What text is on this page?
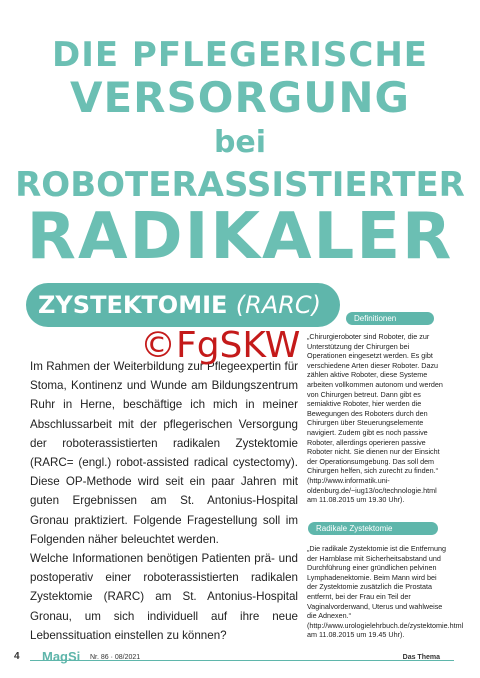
DIE PFLEGERISCHE
VERSORGUNG
bei
ROBOTERASSISTIERTER
RADIKALER
ZYSTEKTOMIE (RARC)	Definitionen

„Chirurgieroboter sind Roboter, die zur Unterstützung der Chirurgen bei Operationen eingesetzt werden. Es gibt verschiedene Arten dieser Roboter. Dazu zählen aktive Roboter, diese Systeme arbeiten vollkommen autonom und werden von Chirurgen betreut. Dann gibt es semiaktive Roboter, hier werden die Bewegungen des Roboters durch den Chirurgen über Steuerungselemente navigiert. Zudem gibt es noch passive Roboter, allerdings operieren passive Roboter nicht. Sie dienen nur der Einsicht der Operationsumgebung. Das soll dem Chirurgen helfen, sich zurecht zu finden.“ (http://www.informatik.uni-oldenburg.de/~iug13/oc/technologie.html am 11.08.2015 um 19.30 Uhr).

Radikale Zystektomie

„Die radikale Zystektomie ist die Entfernung der Harnblase mit Sicherheitsabstand und Durchführung einer gründlichen pelvinen Lymphadenektomie. Beim Mann wird bei der Zystektomie zusätzlich die Prostata entfernt, bei der Frau ein Teil der Vaginalvorderwand, Uterus und wahlweise die Adnexen.“ (http://www.urologielehrbuch.de/zystektomie.html am 11.08.2015 um 19.45 Uhr).

Im Rahmen der Weiterbildung zur Pflegeexpertin für Stoma, Kontinenz und Wunde am Bildungszentrum Ruhr in Herne, beschäftige ich mich in meiner Abschlussarbeit mit der pflegerischen Versorgung der roboterassistierten radikalen Zystektomie (RARC= (engl.) robot-assisted radical cystectomy). Diese OP-Methode wird seit ein paar Jahren mit guten Ergebnissen am St. Antonius-Hospital Gronau praktiziert. Folgende Fragestellung soll im Folgenden näher beleuchtet werden.

Welche Informationen benötigen Patienten prä- und postoperativ einer roboterassistierten radikalen Zystektomie (RARC) am St. Antonius-Hospital Gronau, um sich individuell auf ihre neue Lebenssituation einstellen zu können?

©FgSKW
4 MagSi Nr. 86 · 08/2021	Das Thema
